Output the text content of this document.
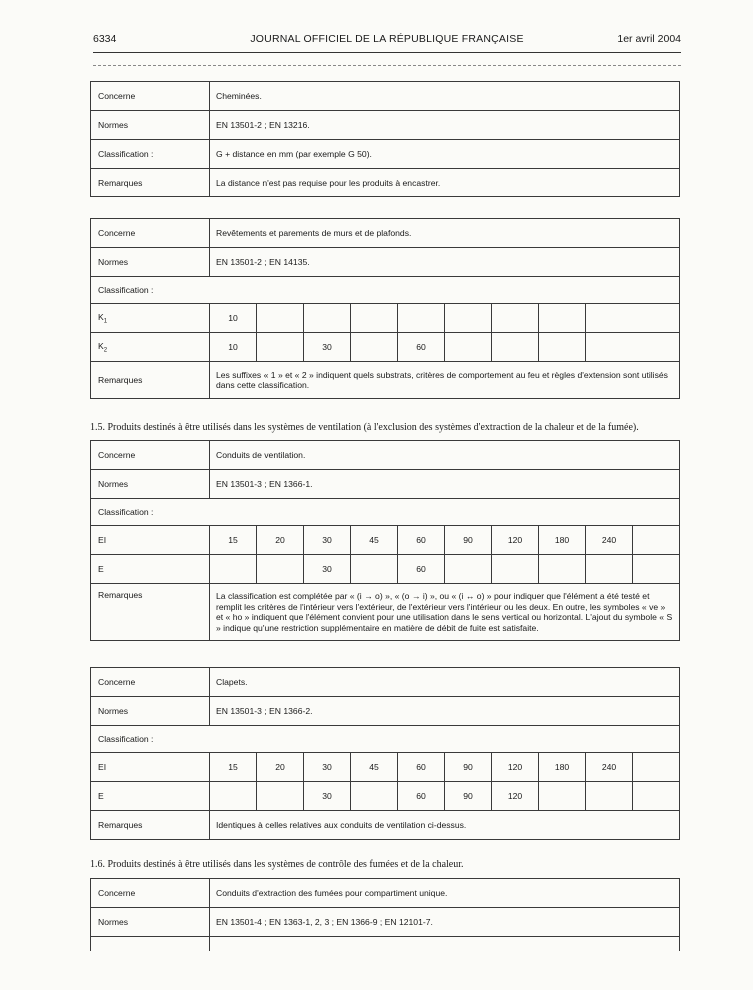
6334	JOURNAL OFFICIEL DE LA RÉPUBLIQUE FRANÇAISE	1er avril 2004
Concerne	Cheminées.
Normes	EN 13501-2 ; EN 13216.
Classification :	G + distance en mm (par exemple G 50).
Remarques	La distance n'est pas requise pour les produits à encastrer.
Concerne	Revêtements et parements de murs et de plafonds.								
Normes	EN 13501-2 ; EN 14135.								
Classification :									
$K_1$	10								
$K_2$	10		30		60				
Remarques	Les suffixes « 1 » et « 2 » indiquent quels substrats, critères de comportement au feu et règles d'extension sont utilisés dans cette classification.								
1.5. Produits destinés à être utilisés dans les systèmes de ventilation (à l'exclusion des systèmes d'extraction de la chaleur et de la fumée).
Concerne	Conduits de ventilation.									
Normes	EN 13501-3 ; EN 1366-1.									
Classification :										
EI	15	20	30	45	60	90	120	180	240	
E			30		60					
Remarques	La classification est complétée par « (i → o) », « (o → i) », ou « (i ↔ o) » pour indiquer que l'élément a été testé et remplit les critères de l'intérieur vers l'extérieur, de l'extérieur vers l'intérieur ou les deux. En outre, les symboles « ve » et « ho » indiquent que l'élément convient pour une utilisation dans le sens vertical ou horizontal. L'ajout du symbole « S » indique qu'une restriction supplémentaire en matière de débit de fuite est satisfaite.									
Concerne	Clapets.									
Normes	EN 13501-3 ; EN 1366-2.									
Classification :										
EI	15	20	30	45	60	90	120	180	240	
E			30		60	90	120			
Remarques	Identiques à celles relatives aux conduits de ventilation ci-dessus.									
1.6. Produits destinés à être utilisés dans les systèmes de contrôle des fumées et de la chaleur.
Concerne	Conduits d'extraction des fumées pour compartiment unique.
Normes	EN 13501-4 ; EN 1363-1, 2, 3 ; EN 1366-9 ; EN 12101-7.
